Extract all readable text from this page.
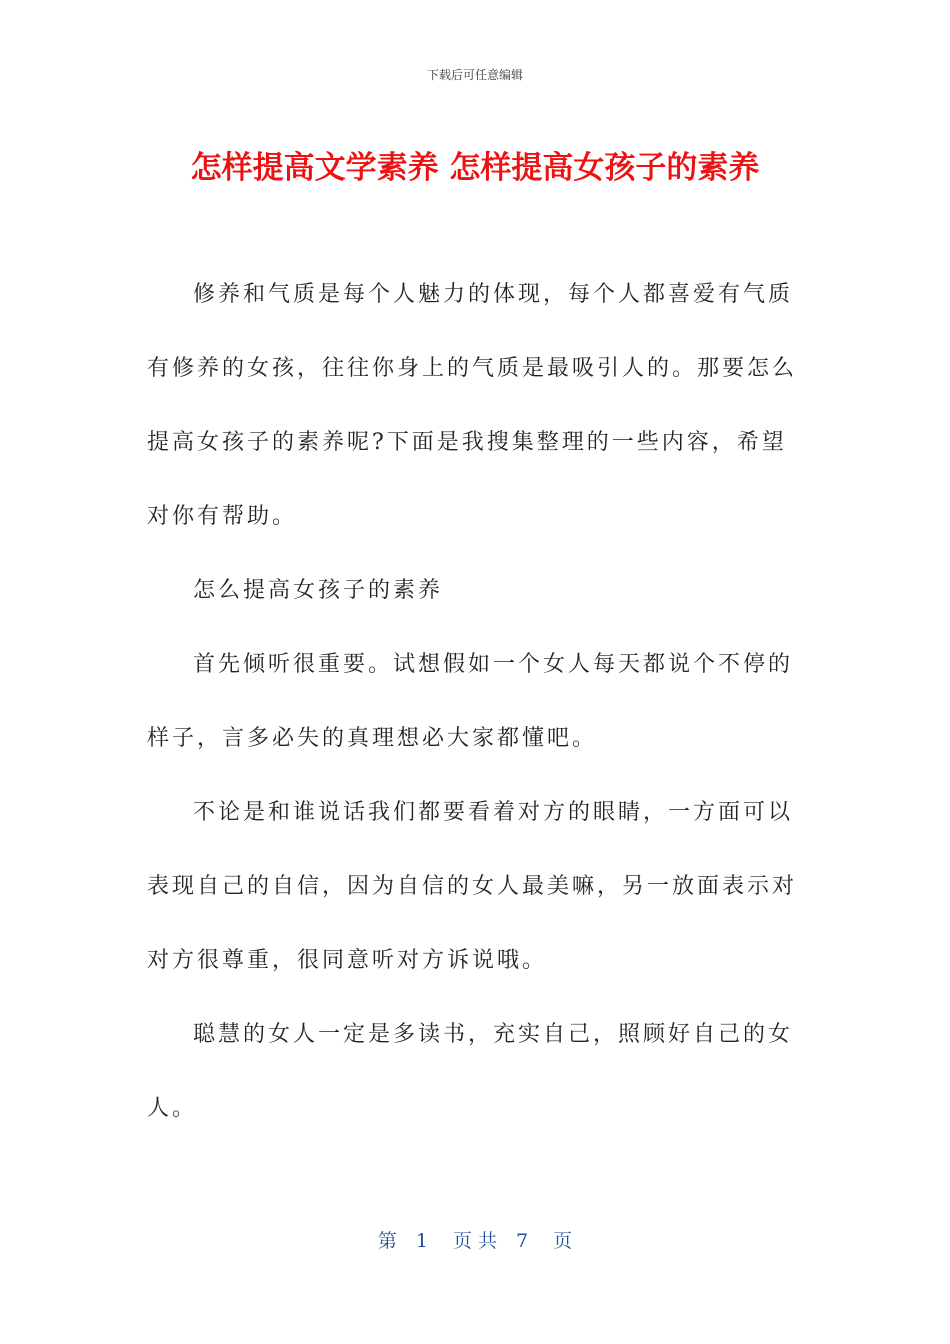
下载后可任意编辑
怎样提高文学素养 怎样提高女孩子的素养

修养和气质是每个人魅力的体现，每个人都喜爱有气质有修养的女孩，往往你身上的气质是最吸引人的。那要怎么提高女孩子的素养呢?下面是我搜集整理的一些内容，希望对你有帮助。

怎么提高女孩子的素养

首先倾听很重要。试想假如一个女人每天都说个不停的样子，言多必失的真理想必大家都懂吧。

不论是和谁说话我们都要看着对方的眼睛，一方面可以表现自己的自信，因为自信的女人最美嘛，另一放面表示对对方很尊重，很同意听对方诉说哦。

聪慧的女人一定是多读书，充实自己，照顾好自己的女人。

第　1　 页 共　7　 页
